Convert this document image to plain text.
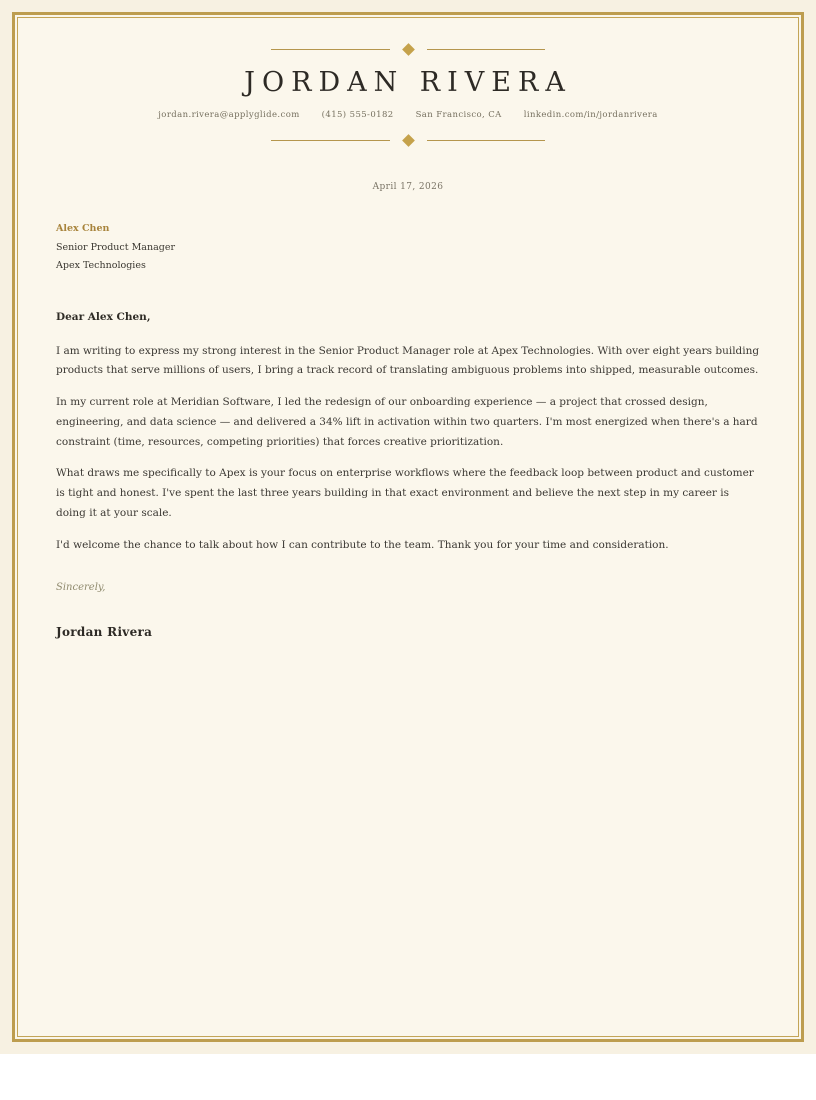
JORDAN RIVERA
jordan.rivera@applyglide.com	(415) 555-0182	San Francisco, CA	linkedin.com/in/jordanrivera
April 17, 2026
Alex Chen
Senior Product Manager
Apex Technologies
Dear Alex Chen,

I am writing to express my strong interest in the Senior Product Manager role at Apex Technologies. With over eight years building products that serve millions of users, I bring a track record of translating ambiguous problems into shipped, measurable outcomes.

In my current role at Meridian Software, I led the redesign of our onboarding experience — a project that crossed design, engineering, and data science — and delivered a 34% lift in activation within two quarters. I'm most energized when there's a hard constraint (time, resources, competing priorities) that forces creative prioritization.

What draws me specifically to Apex is your focus on enterprise workflows where the feedback loop between product and customer is tight and honest. I've spent the last three years building in that exact environment and believe the next step in my career is doing it at your scale.

I'd welcome the chance to talk about how I can contribute to the team. Thank you for your time and consideration.

Sincerely,
Jordan Rivera
